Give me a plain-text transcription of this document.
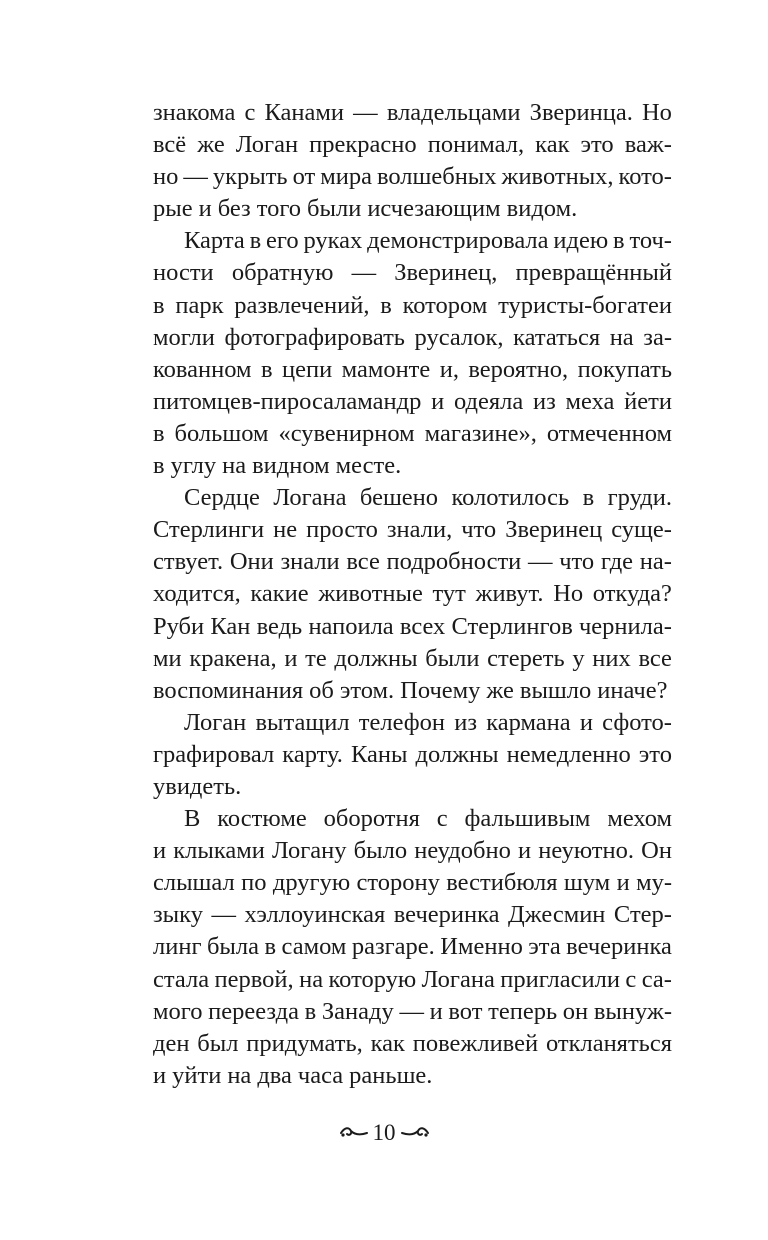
знакома с Канами — владельцами Зверинца. Но
всё же Логан прекрасно понимал, как это важ-
но — укрыть от мира волшебных животных, кото-
рые и без того были исчезающим видом.
Карта в его руках демонстрировала идею в точ-
ности обратную — Зверинец, превращённый
в парк развлечений, в котором туристы-богатеи
могли фотографировать русалок, кататься на за-
кованном в цепи мамонте и, вероятно, покупать
питомцев-пиросаламандр и одеяла из меха йети
в большом «сувенирном магазине», отмеченном
в углу на видном месте.
Сердце Логана бешено колотилось в груди.
Стерлинги не просто знали, что Зверинец суще-
ствует. Они знали все подробности — что где на-
ходится, какие животные тут живут. Но откуда?
Руби Кан ведь напоила всех Стерлингов чернила-
ми кракена, и те должны были стереть у них все
воспоминания об этом. Почему же вышло иначе?
Логан вытащил телефон из кармана и сфото-
графировал карту. Каны должны немедленно это
увидеть.
В костюме оборотня с фальшивым мехом
и клыками Логану было неудобно и неуютно. Он
слышал по другую сторону вестибюля шум и му-
зыку — хэллоуинская вечеринка Джесмин Стер-
линг была в самом разгаре. Именно эта вечеринка
стала первой, на которую Логана пригласили с са-
мого переезда в Занаду — и вот теперь он вынуж-
ден был придумать, как повежливей откланяться
и уйти на два часа раньше.
10
